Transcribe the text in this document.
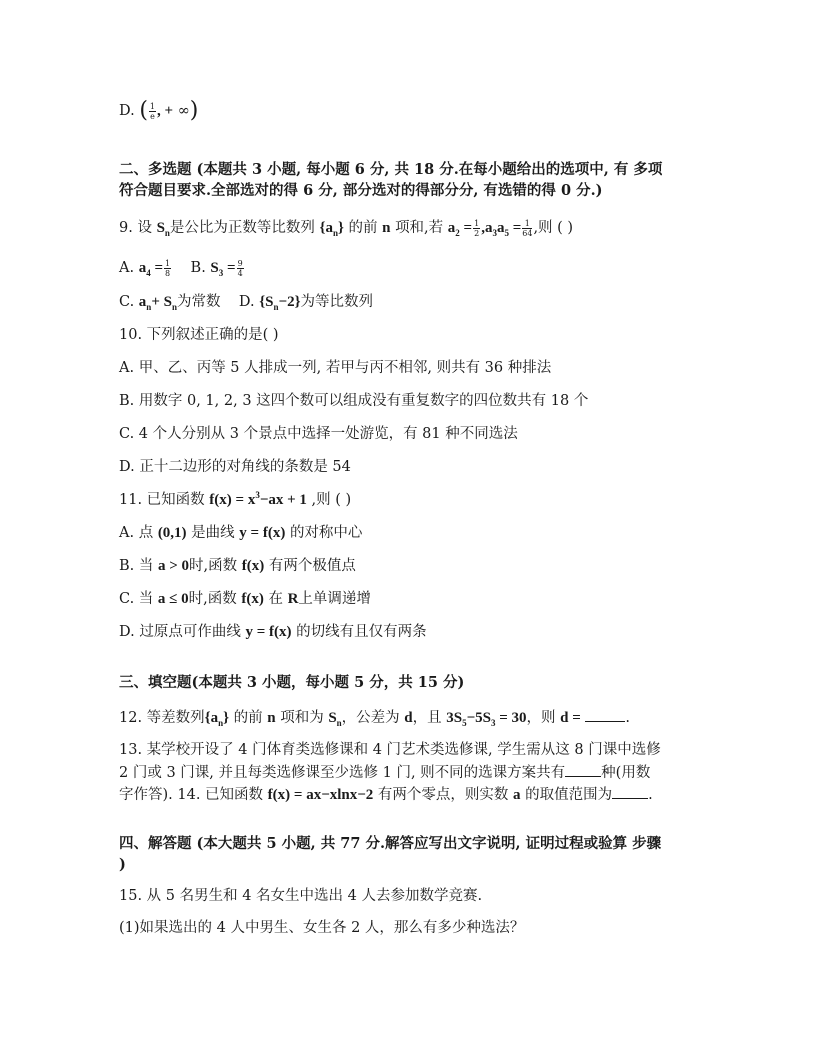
D. ( $\frac{1}{e}$ , + ∞)
二、多选题 (本题共 3 小题, 每小题 6 分, 共 18 分.在每小题给出的选项中, 有 多项
符合题目要求.全部选对的得 6 分, 部分选对的得部分分, 有选错的得 0 分.)
9. 设 $S_n$是公比为正数等比数列 $\{a_n\}$ 的前 n 项和,若 $a_2 = \frac{1}{2} ,a_3a_5 = \frac{1}{64}$ ,则 ( )
A. $a_4 = \frac{1}{8} B$. $S_3 = \frac{9}{4}$
C. $a_n+ S_n$为常数 D. $\{S_n-2\}$为等比数列
10. 下列叙述正确的是( )
A. 甲、乙、丙等 5 人排成一列, 若甲与丙不相邻, 则共有 36 种排法
B. 用数字 0, 1, 2, 3 这四个数可以组成没有重复数字的四位数共有 18 个
C. 4 个人分别从 3 个景点中选择一处游览，有 81 种不同选法
D. 正十二边形的对角线的条数是 54
11. 已知函数 $f(x) = x^3-ax + 1$ ,则 ( )
A. 点 (0,1) 是曲线 y = f(x) 的对称中心
B. 当 a > 0时,函数 f(x) 有两个极值点
C. 当 a ≤ 0时,函数 f(x) 在 R上单调递增
D. 过原点可作曲线 y = f(x) 的切线有且仅有两条
三、填空题(本题共 3 小题，每小题 5 分，共 15 分)
12. 等差数列$\{a_n\}$ 的前 n 项和为 $S_n$，公差为 d，且 $3S_5-5S_3 = 30$，则 d =	.
13. 某学校开设了 4 门体育类选修课和 4 门艺术类选修课, 学生需从这 8 门课中选修
2 门或 3 门课, 并且每类选修课至少选修 1 门, 则不同的选课方案共有 种(用数
字作答). 14. 已知函数 f(x) = ax−xlnx−2 有两个零点，则实数 a 的取值范围为 .
四、解答题 (本大题共 5 小题, 共 77 分.解答应写出文字说明, 证明过程或验算 步骤
)
15. 从 5 名男生和 4 名女生中选出 4 人去参加数学竞赛.
(1)如果选出的 4 人中男生、女生各 2 人，那么有多少种选法？
